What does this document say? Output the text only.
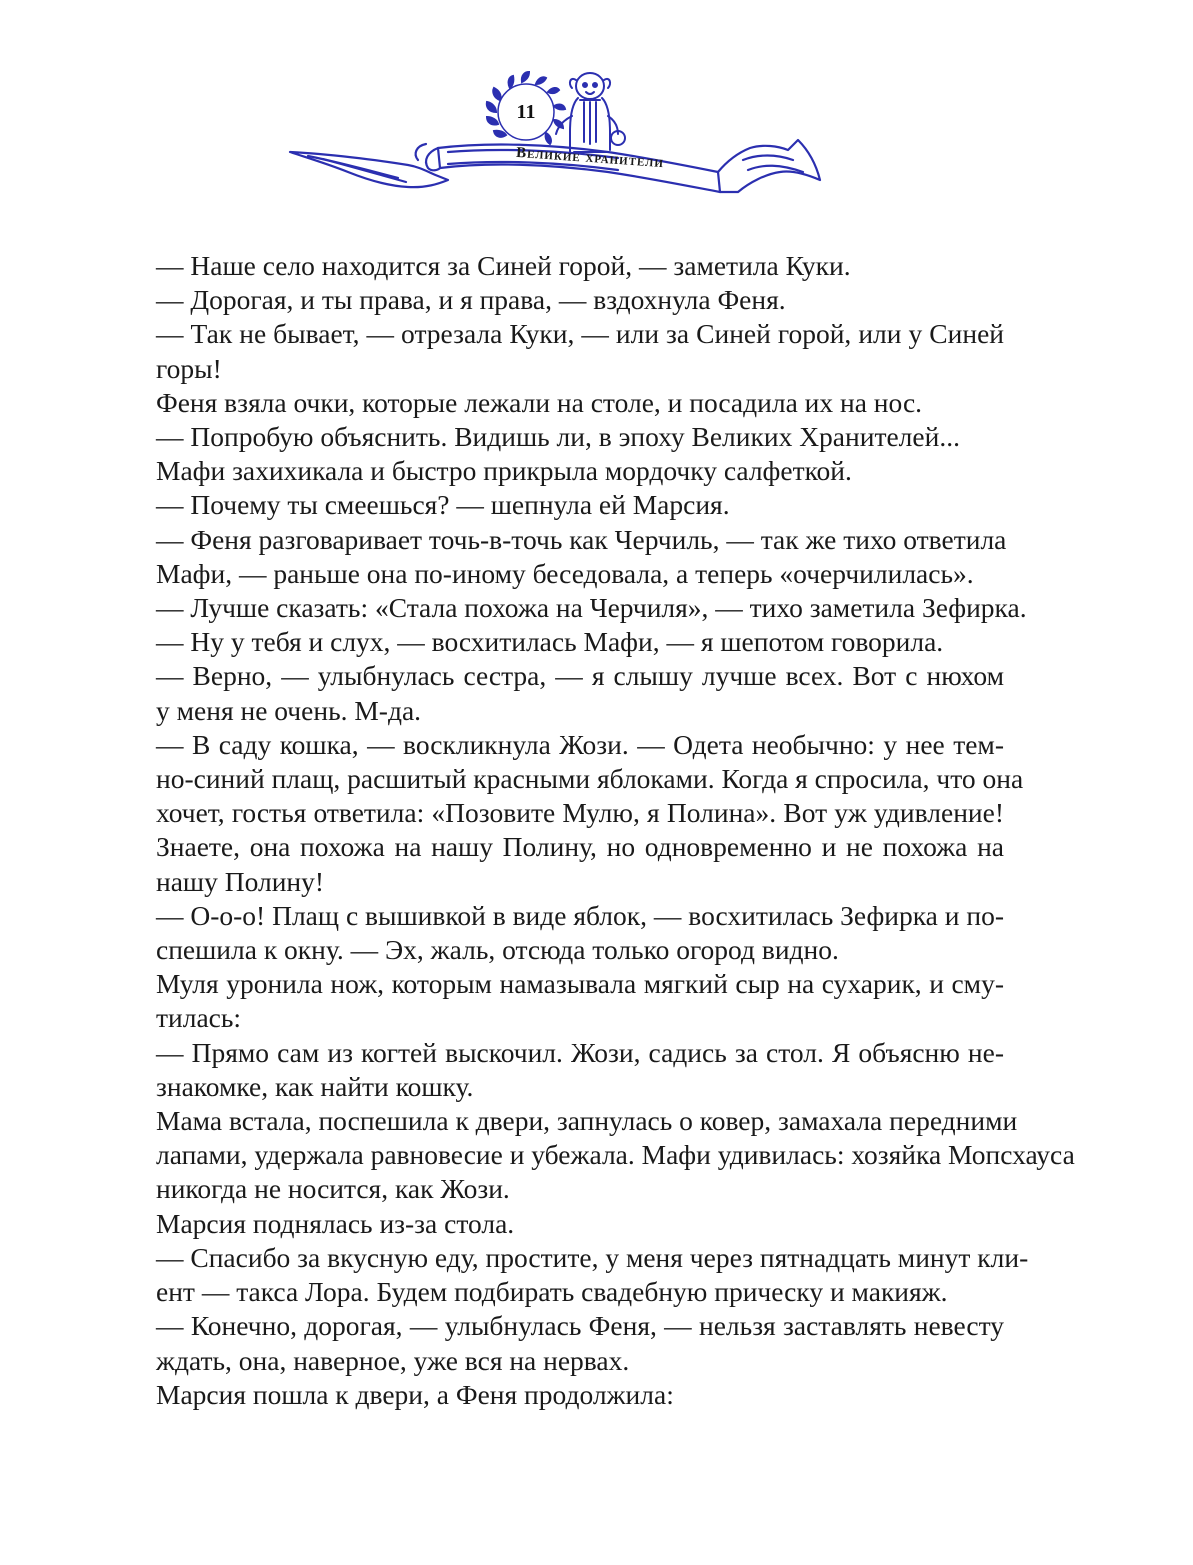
11
Великие хранители
— Наше село находится за Синей горой, — заметила Куки.
— Дорогая, и ты права, и я права, — вздохнула Феня.
— Так не бывает, — отрезала Куки, — или за Синей горой, или у Синей
горы!
Феня взяла очки, которые лежали на столе, и посадила их на нос.
— Попробую объяснить. Видишь ли, в эпоху Великих Хранителей...
Мафи захихикала и быстро прикрыла мордочку салфеткой.
— Почему ты смеешься? — шепнула ей Марсия.
— Феня разговаривает точь-в-точь как Черчиль, — так же тихо ответила
Мафи, — раньше она по-иному беседовала, а теперь «очерчилилась».
— Лучше сказать: «Стала похожа на Черчиля», — тихо заметила Зефирка.
— Ну у тебя и слух, — восхитилась Мафи, — я шепотом говорила.
— Верно, — улыбнулась сестра, — я слышу лучше всех. Вот с нюхом
у меня не очень. М-да.
— В саду кошка, — воскликнула Жози. — Одета необычно: у нее тем-
но-синий плащ, расшитый красными яблоками. Когда я спросила, что она
хочет, гостья ответила: «Позовите Мулю, я Полина». Вот уж удивление!
Знаете, она похожа на нашу Полину, но одновременно и не похожа на
нашу Полину!
— О-о-о! Плащ с вышивкой в виде яблок, — восхитилась Зефирка и по-
спешила к окну. — Эх, жаль, отсюда только огород видно.
Муля уронила нож, которым намазывала мягкий сыр на сухарик, и сму-
тилась:
— Прямо сам из когтей выскочил. Жози, садись за стол. Я объясню не-
знакомке, как найти кошку.
Мама встала, поспешила к двери, запнулась о ковер, замахала передними
лапами, удержала равновесие и убежала. Мафи удивилась: хозяйка Мопсхауса
никогда не носится, как Жози.
Марсия поднялась из-за стола.
— Спасибо за вкусную еду, простите, у меня через пятнадцать минут кли-
ент — такса Лора. Будем подбирать свадебную прическу и макияж.
— Конечно, дорогая, — улыбнулась Феня, — нельзя заставлять невесту
ждать, она, наверное, уже вся на нервах.
Марсия пошла к двери, а Феня продолжила:
